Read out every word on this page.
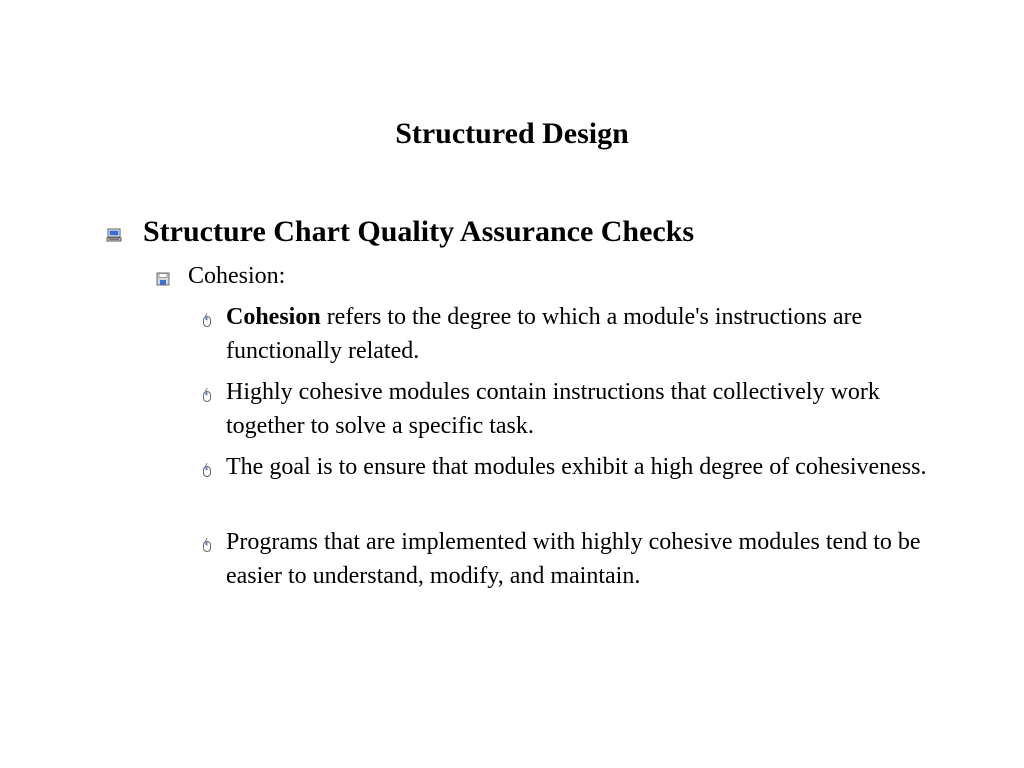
Structured Design
Structure Chart Quality Assurance Checks
Cohesion:
Cohesion refers to the degree to which a module's instructions are functionally related.
Highly cohesive modules contain instructions that collectively work together to solve a specific task.
The goal is to ensure that modules exhibit a high degree of cohesiveness.
Programs that are implemented with highly cohesive modules tend to be easier to understand, modify, and maintain.
